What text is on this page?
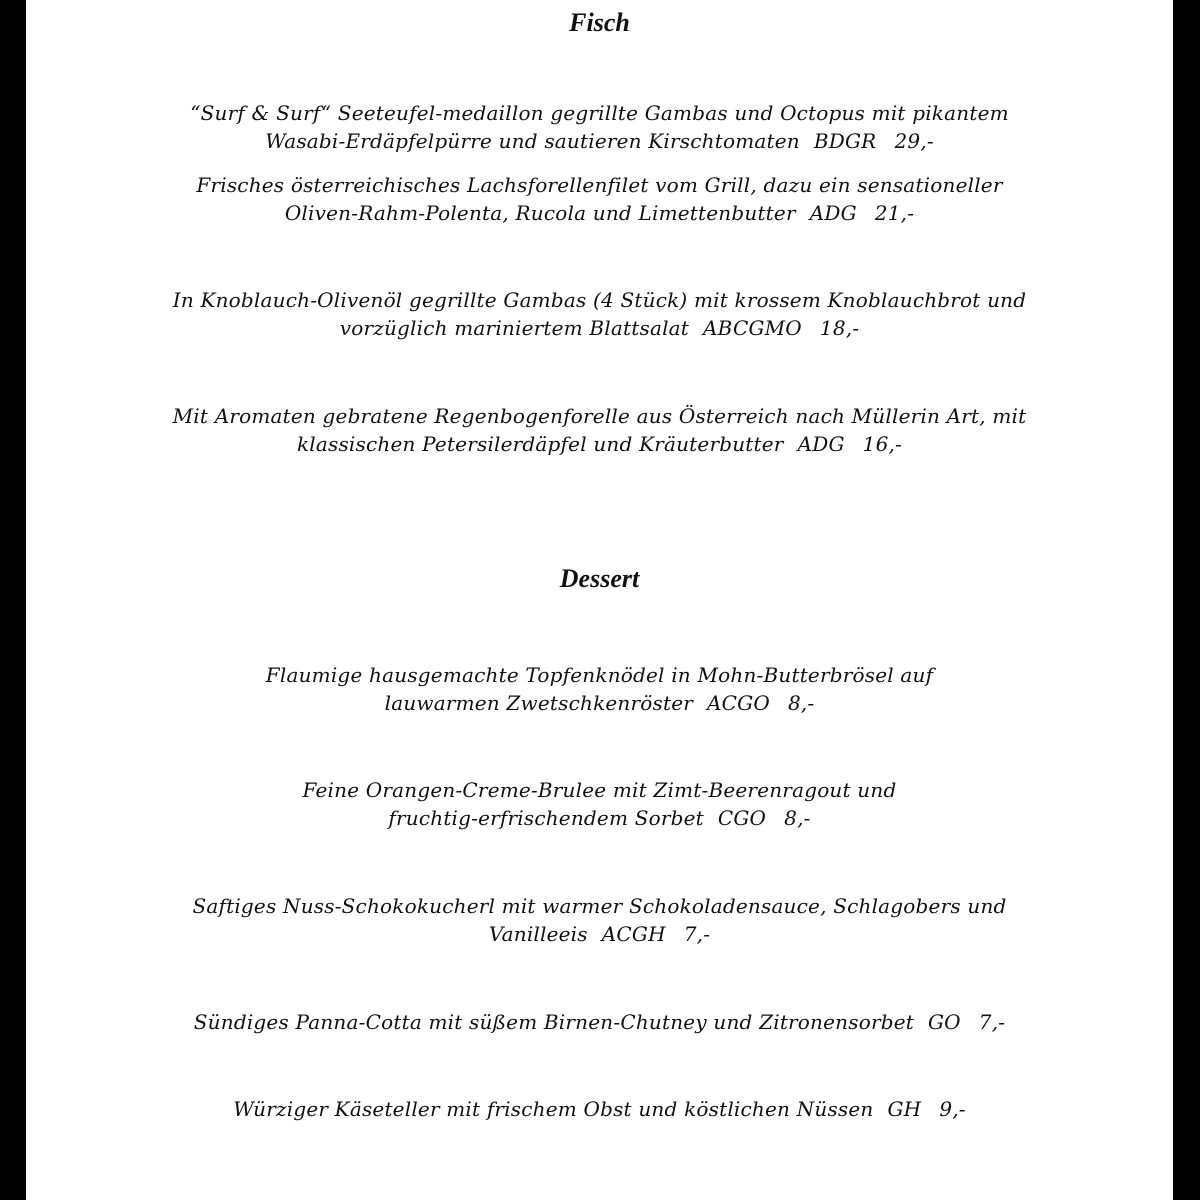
Fisch
“Surf & Surf“ Seeteufel-medaillon gegrillte Gambas und Octopus mit pikantem
Wasabi-Erdäpfelpürre und sautieren Kirschtomaten BDGR 29,-
Frisches österreichisches Lachsforellenfilet vom Grill, dazu ein sensationeller
Oliven-Rahm-Polenta, Rucola und Limettenbutter ADG 21,-
In Knoblauch-Olivenöl gegrillte Gambas (4 Stück) mit krossem Knoblauchbrot und
vorzüglich mariniertem Blattsalat ABCGMO 18,-
Mit Aromaten gebratene Regenbogenforelle aus Österreich nach Müllerin Art, mit
klassischen Petersilerdäpfel und Kräuterbutter ADG 16,-
Dessert
Flaumige hausgemachte Topfenknödel in Mohn-Butterbrösel auf
lauwarmen Zwetschkenröster ACGO 8,-
Feine Orangen-Creme-Brulee mit Zimt-Beerenragout und
fruchtig-erfrischendem Sorbet CGO 8,-
Saftiges Nuss-Schokokucherl mit warmer Schokoladensauce, Schlagobers und
Vanilleeis ACGH 7,-
Sündiges Panna-Cotta mit süßem Birnen-Chutney und Zitronensorbet GO 7,-
Würziger Käseteller mit frischem Obst und köstlichen Nüssen GH 9,-
